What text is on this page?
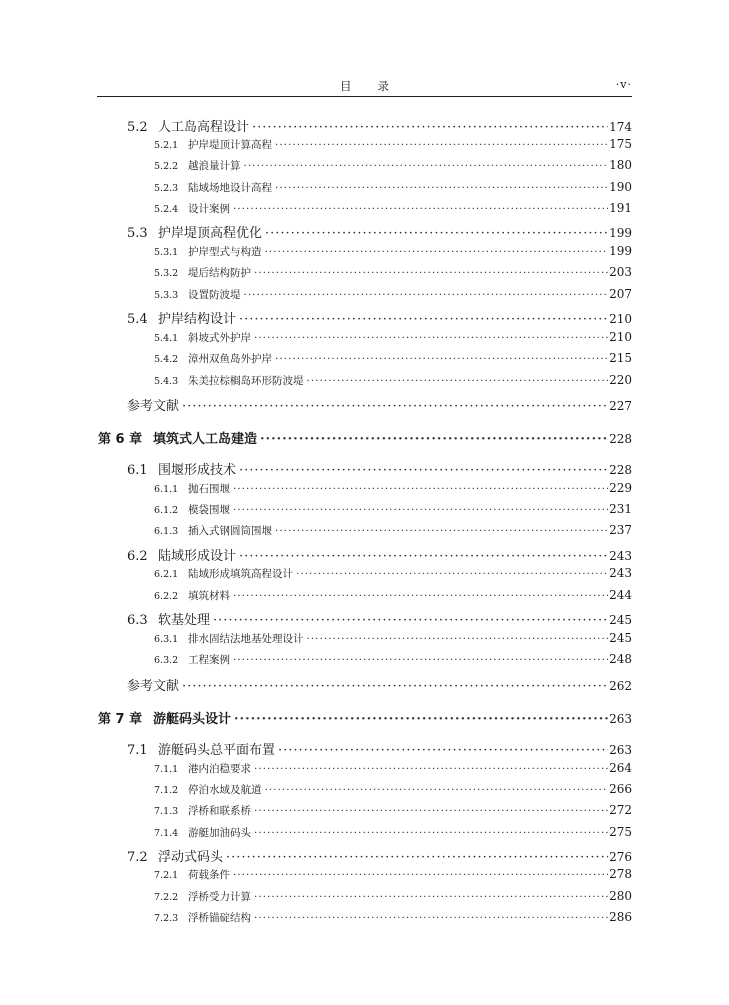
目录	·v·
5.2 人工岛高程设计 ·····	174
5.2.1 护岸堤顶计算高程 ·····	175
5.2.2 越浪量计算 ·····	180
5.2.3 陆域场地设计高程 ·····	190
5.2.4 设计案例 ·····	191
5.3 护岸堤顶高程优化 ·····	199
5.3.1 护岸型式与构造 ·····	199
5.3.2 堤后结构防护 ·····	203
5.3.3 设置防波堤 ·····	207
5.4 护岸结构设计 ·····	210
5.4.1 斜坡式外护岸 ·····	210
5.4.2 漳州双鱼岛外护岸 ·····	215
5.4.3 朱美拉棕榈岛环形防波堤 ·····	220
参考文献 ·····	227
第 6 章 填筑式人工岛建造 ·····	228
6.1 围堰形成技术 ·····	228
6.1.1 抛石围堰 ·····	229
6.1.2 模袋围堰 ·····	231
6.1.3 插入式钢圆筒围堰 ·····	237
6.2 陆域形成设计 ·····	243
6.2.1 陆域形成填筑高程设计 ·····	243
6.2.2 填筑材料 ·····	244
6.3 软基处理 ·····	245
6.3.1 排水固结法地基处理设计 ·····	245
6.3.2 工程案例 ·····	248
参考文献 ·····	262
第 7 章 游艇码头设计 ·····	263
7.1 游艇码头总平面布置 ·····	263
7.1.1 港内泊稳要求 ·····	264
7.1.2 停泊水域及航道 ·····	266
7.1.3 浮桥和联系桥 ·····	272
7.1.4 游艇加油码头 ·····	275
7.2 浮动式码头 ·····	276
7.2.1 荷载条件 ·····	278
7.2.2 浮桥受力计算 ·····	280
7.2.3 浮桥锚碇结构 ·····	286
